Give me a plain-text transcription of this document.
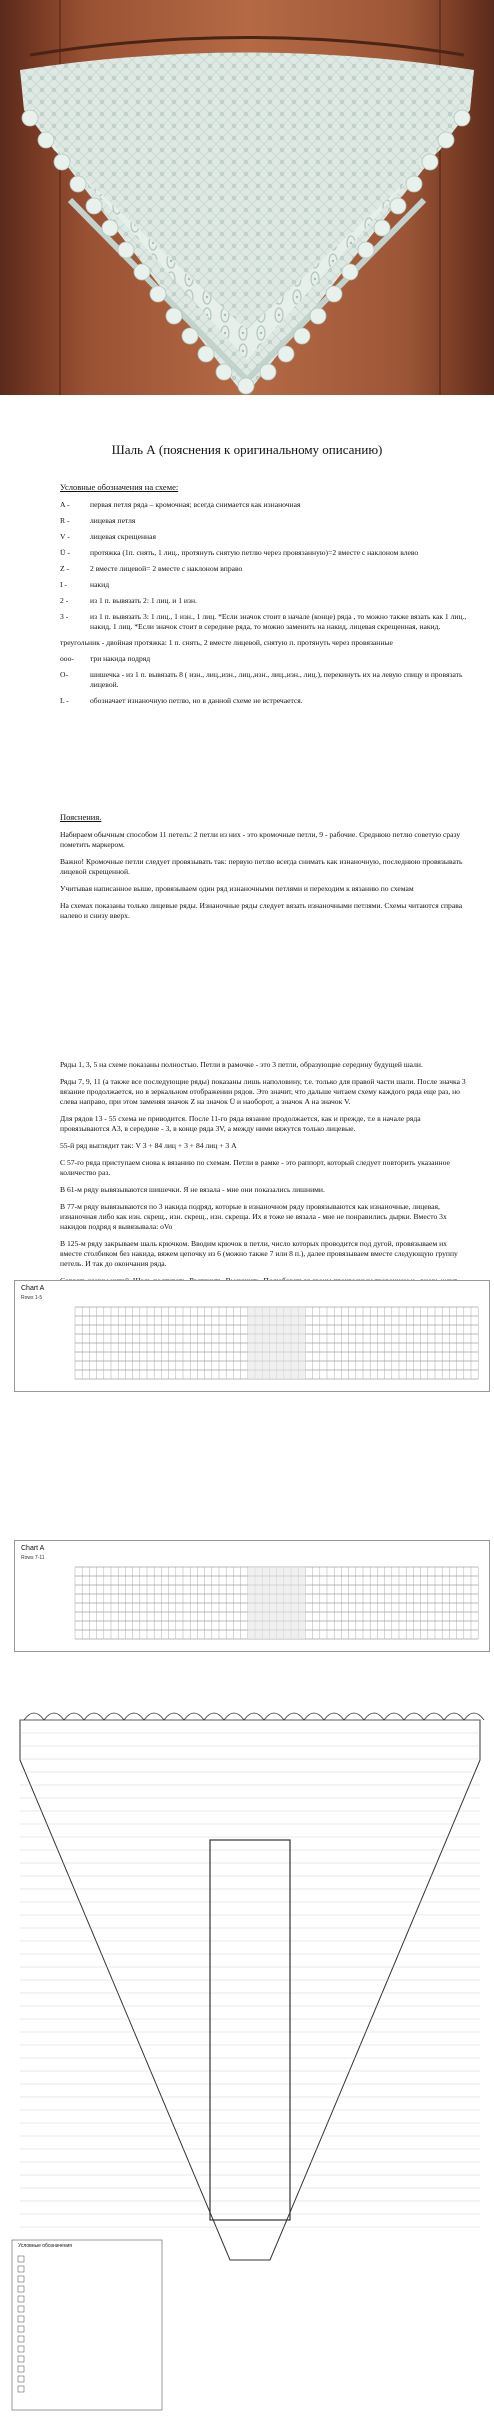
Шаль А (пояснения к оригинальному описанию)
Условные обозначения на схеме:
A -	первая петля ряда – кромочная; всегда снимается как изнаночная
R -	лицевая петля
V -	лицевая скрещенная
Ü -	протяжка (1п. снять, 1 лиц., протянуть снятую петлю через провязанную)=2 вместе с наклоном влево
Z -	2 вместе лицевой= 2 вместе с наклоном вправо
I -	накид
2 -	из 1 п. вывязать 2: 1 лиц. и 1 изн.
3 -	из 1 п. вывязать 3: 1 лиц., 1 изн., 1 лиц. *Если значок стоит в начале (конце) ряда , то можно также вязать как 1 лиц., накид, 1 лиц. *Если значок стоит в середине ряда, то можно заменить на накид, лицевая скрещенная, накид.
треугольник - двойная протяжка: 1 п. снять, 2 вместе лицевой, снятую п. протянуть через провязанные
ooo-	три накида подряд
O-	шишечка - из 1 п. вывязать 8 ( изн., лиц.,изн., лиц.,изн., лиц.,изн., лиц.), перекинуть их на левую спицу и провязать лицевой.
L -	обозначает изнаночную петлю, но в данной схеме не встречается.
Пояснения.

Набираем обычным способом 11 петель: 2 петли из них - это кромочные петли, 9 - рабочие. Среднюю петлю советую сразу пометить маркером.

Важно! Кромочные петли следует провязывать так: первую петлю всегда снимать как изнаночную, последнюю провязывать лицевой скрещенной.

Учитывая написанное выше, провязываем один ряд изнаночными петлями и переходим к вязанию по схемам

На схемах показаны только лицевые ряды. Изнаночные ряды следует вязать изнаночными петлями. Схемы читаются справа налево и снизу вверх.

Ряды 1, 3, 5 на схеме показаны полностью. Петли в рамочке - это 3 петли, образующие середину будущей шали.

Ряды 7, 9, 11 (а также все последующие ряды) показаны лишь наполовину, т.е. только для правой части шали. После значка 3 вязание продолжается, но в зеркальном отображении рядов. Это значит, что дальше читаем схему каждого ряда еще раз, но слева направо, при этом заменяя значок Z на значок Ü и наоборот, а значок A на значок V.

Для рядов 13 - 55 схема не приводится. После 11-го ряда вязание продолжается, как и прежде, т.е в начале ряда провязываются А3, в середине - 3, в конце ряда 3V, а между ними вяжутся только лицевые.

55-й ряд выглядит так: V 3 + 84 лиц + 3 + 84 лиц + 3 A

С 57-го ряда приступаем снова к вязанию по схемам. Петли в рамке - это раппорт, который следует повторить указанное количество раз.

В 61-м ряду вывязываются шишечки. Я не вязала - мне они показались лишними.

В 77-м ряду вывязываются по 3 накида подряд, которые в изнаночном ряду провязываются как изнаночные, лицевая, изнаночная либо как изн. скрещ., изн. скрещ., изн. скреща. Их я тоже не вязала - мне не понравились дырки. Вместо 3х накидов подряд я вывязывала: oVo

В 125-м ряду закрываем шаль крючком. Вводим крючок в петли, число которых проводится под дугой, провязываем их вместе столбиком без накида, вяжем цепочку из 6 (можно также 7 или 8 п.), далее провязываем вместе следующую группу петель. И так до окончания ряда.

Chart A
Rows 1-5
Chart A
Rows 7-11
Условные обозначения
